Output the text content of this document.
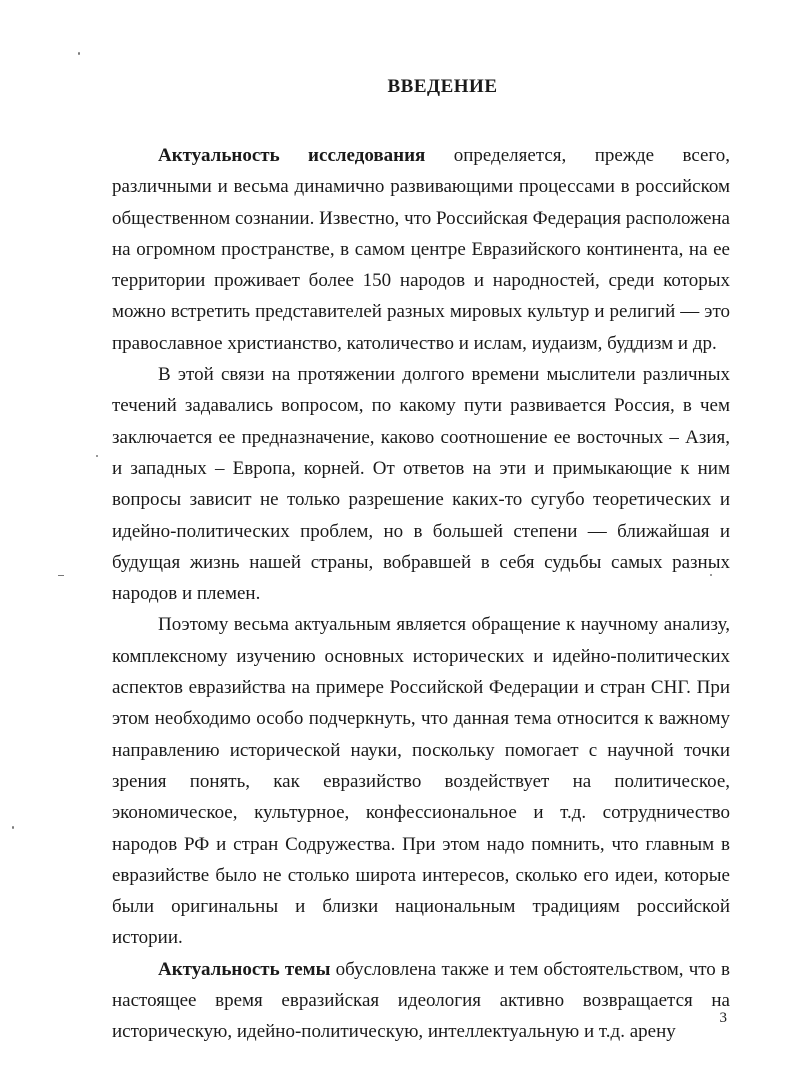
ВВЕДЕНИЕ

Актуальность исследования определяется, прежде всего, различными и весьма динамично развивающими процессами в российском общественном сознании. Известно, что Российская Федерация расположена на огромном пространстве, в самом центре Евразийского континента, на ее территории проживает более 150 народов и народностей, среди которых можно встретить представителей разных мировых культур и религий — это православное христианство, католичество и ислам, иудаизм, буддизм и др.

В этой связи на протяжении долгого времени мыслители различных течений задавались вопросом, по какому пути развивается Россия, в чем заключается ее предназначение, каково соотношение ее восточных – Азия, и западных – Европа, корней. От ответов на эти и примыкающие к ним вопросы зависит не только разрешение каких-то сугубо теоретических и идейно-политических проблем, но в большей степени — ближайшая и будущая жизнь нашей страны, вобравшей в себя судьбы самых разных народов и племен.

Поэтому весьма актуальным является обращение к научному анализу, комплексному изучению основных исторических и идейно-политических аспектов евразийства на примере Российской Федерации и стран СНГ. При этом необходимо особо подчеркнуть, что данная тема относится к важному направлению исторической науки, поскольку помогает с научной точки зрения понять, как евразийство воздействует на политическое, экономическое, культурное, конфессиональное и т.д. сотрудничество народов РФ и стран Содружества. При этом надо помнить, что главным в евразийстве было не столько широта интересов, сколько его идеи, которые были оригинальны и близки национальным традициям российской истории.

Актуальность темы обусловлена также и тем обстоятельством, что в настоящее время евразийская идеология активно возвращается на историческую, идейно-политическую, интеллектуальную и т.д. арену

3
